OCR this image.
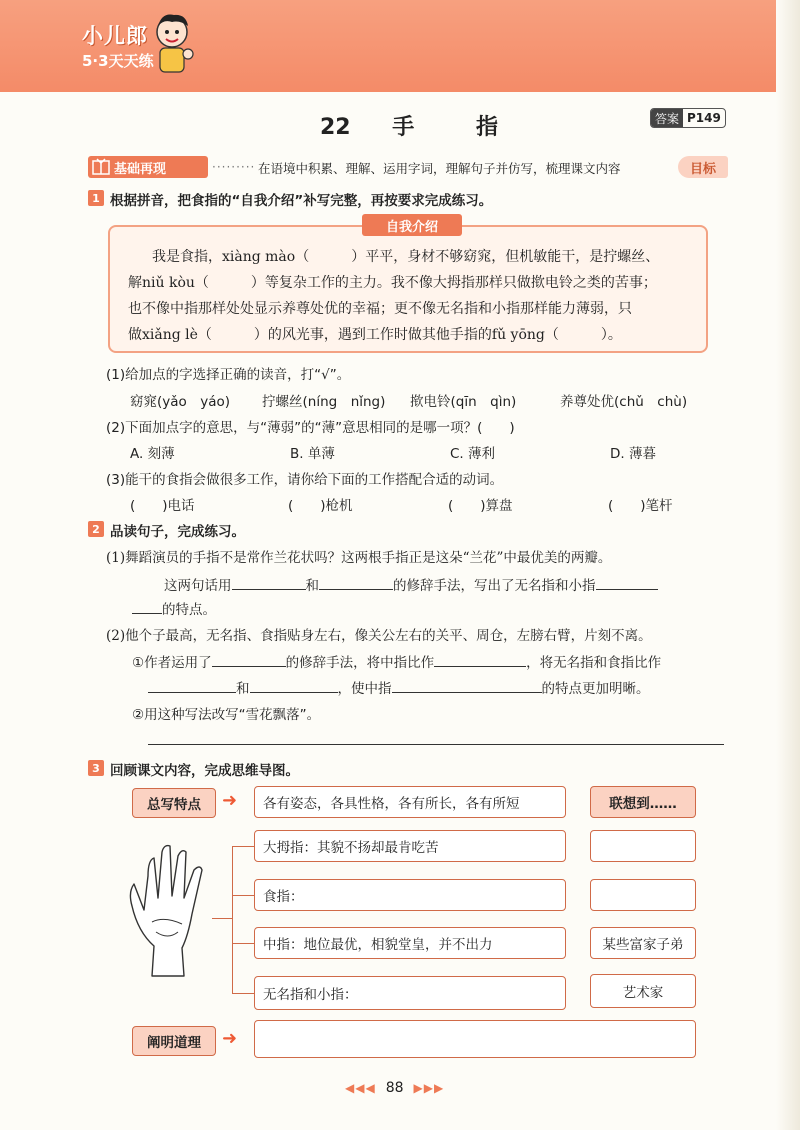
小儿郎
5·3天天练
22 手	指	答案 P149
基础再现	········· 在语境中积累、理解、运用字词，理解句子并仿写，梳理课文内容	目标
1 根据拼音，把食指的“自我介绍”补写完整，再按要求完成练习。
自我介绍
我是食指，xiàng mào（　　　）平平，身材不够窈窕，但机敏能干，是拧螺丝、
解niǔ kòu（　　　）等复杂工作的主力。我不像大拇指那样只做揿电铃之类的苦事；
也不像中指那样处处显示养尊处优的幸福；更不像无名指和小指那样能力薄弱，只
做xiǎng lè（　　　）的风光事，遇到工作时做其他手指的fǔ yōng（　　　）。
(1)给加点的字选择正确的读音，打“√”。
窈窕(yǎo　yáo) 拧螺丝(níng　nǐng) 揿电铃(qīn　qìn)	养尊处优(chǔ　chù)
(2)下面加点字的意思，与“薄弱”的“薄”意思相同的是哪一项？(　　)
A. 刻薄	B. 单薄	C. 薄利	D. 薄暮
(3)能干的食指会做很多工作，请你给下面的工作搭配合适的动词。
(　　)电话	(　　)枪机	(　　)算盘	(　　)笔杆
2 品读句子，完成练习。
(1)舞蹈演员的手指不是常作兰花状吗？这两根手指正是这朵“兰花”中最优美的两瓣。
这两句话用	和	的修辞手法，写出了无名指和小指
的特点。
(2)他个子最高，无名指、食指贴身左右，像关公左右的关平、周仓，左膀右臂，片刻不离。
①作者运用了	的修辞手法，将中指比作	，将无名指和食指比作
和	，使中指	的特点更加明晰。
②用这种写法改写“雪花飘落”。
3 回顾课文内容，完成思维导图。
总写特点	➜	各有姿态，各具性格，各有所长，各有所短	联想到……
大拇指：其貌不扬却最肯吃苦
食指：
中指：地位最优，相貌堂皇，并不出力	某些富家子弟
无名指和小指：	艺术家
阐明道理	➜
◀◀◀ 88 ▶▶▶
